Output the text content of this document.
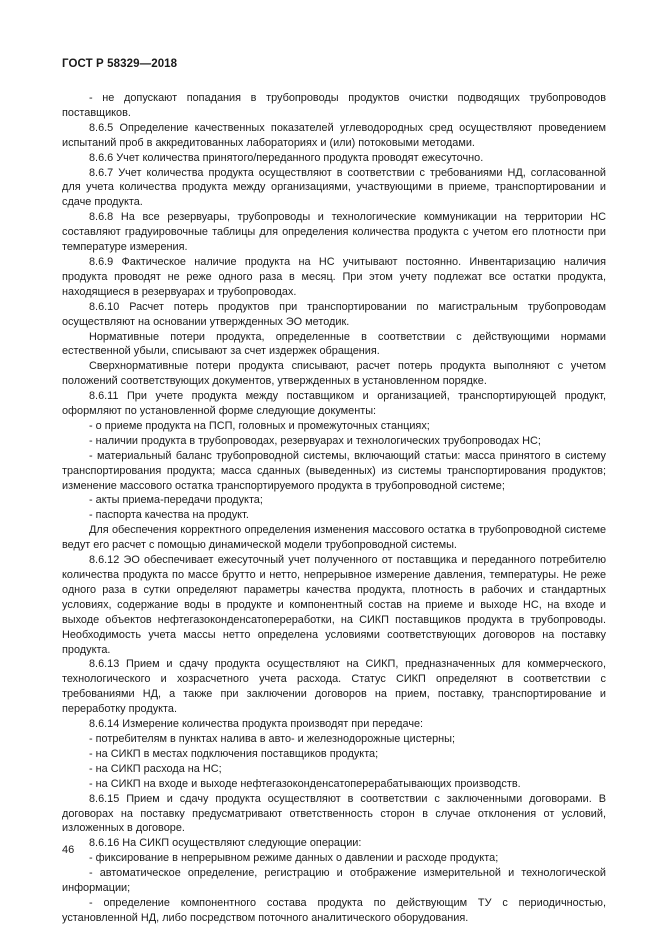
ГОСТ Р 58329—2018

- не допускают попадания в трубопроводы продуктов очистки подводящих трубопроводов поставщиков.

8.6.5 Определение качественных показателей углеводородных сред осуществляют проведением испытаний проб в аккредитованных лабораториях и (или) потоковыми методами.

8.6.6 Учет количества принятого/переданного продукта проводят ежесуточно.

8.6.7 Учет количества продукта осуществляют в соответствии с требованиями НД, согласованной для учета количества продукта между организациями, участвующими в приеме, транспортировании и сдаче продукта.

8.6.8 На все резервуары, трубопроводы и технологические коммуникации на территории НС составляют градуировочные таблицы для определения количества продукта с учетом его плотности при температуре измерения.

8.6.9 Фактическое наличие продукта на НС учитывают постоянно. Инвентаризацию наличия продукта проводят не реже одного раза в месяц. При этом учету подлежат все остатки продукта, находящиеся в резервуарах и трубопроводах.

8.6.10 Расчет потерь продуктов при транспортировании по магистральным трубопроводам осуществляют на основании утвержденных ЭО методик.

Нормативные потери продукта, определенные в соответствии с действующими нормами естественной убыли, списывают за счет издержек обращения.

Сверхнормативные потери продукта списывают, расчет потерь продукта выполняют с учетом положений соответствующих документов, утвержденных в установленном порядке.

8.6.11 При учете продукта между поставщиком и организацией, транспортирующей продукт, оформляют по установленной форме следующие документы:

- о приеме продукта на ПСП, головных и промежуточных станциях;

- наличии продукта в трубопроводах, резервуарах и технологических трубопроводах НС;

- материальный баланс трубопроводной системы, включающий статьи: масса принятого в систему транспортирования продукта; масса сданных (выведенных) из системы транспортирования продуктов; изменение массового остатка транспортируемого продукта в трубопроводной системе;

- акты приема-передачи продукта;

- паспорта качества на продукт.

Для обеспечения корректного определения изменения массового остатка в трубопроводной системе ведут его расчет с помощью динамической модели трубопроводной системы.

8.6.12 ЭО обеспечивает ежесуточный учет полученного от поставщика и переданного потребителю количества продукта по массе брутто и нетто, непрерывное измерение давления, температуры. Не реже одного раза в сутки определяют параметры качества продукта, плотность в рабочих и стандартных условиях, содержание воды в продукте и компонентный состав на приеме и выходе НС, на входе и выходе объектов нефтегазоконденсатопереработки, на СИКП поставщиков продукта в трубопроводы. Необходимость учета массы нетто определена условиями соответствующих договоров на поставку продукта.

8.6.13 Прием и сдачу продукта осуществляют на СИКП, предназначенных для коммерческого, технологического и хозрасчетного учета расхода. Статус СИКП определяют в соответствии с требованиями НД, а также при заключении договоров на прием, поставку, транспортирование и переработку продукта.

8.6.14 Измерение количества продукта производят при передаче:

- потребителям в пунктах налива в авто- и железнодорожные цистерны;

- на СИКП в местах подключения поставщиков продукта;

- на СИКП расхода на НС;

- на СИКП на входе и выходе нефтегазоконденсатоперерабатывающих производств.

8.6.15 Прием и сдачу продукта осуществляют в соответствии с заключенными договорами. В договорах на поставку предусматривают ответственность сторон в случае отклонения от условий, изложенных в договоре.

8.6.16 На СИКП осуществляют следующие операции:

- фиксирование в непрерывном режиме данных о давлении и расходе продукта;

- автоматическое определение, регистрацию и отображение измерительной и технологической информации;

- определение компонентного состава продукта по действующим ТУ с периодичностью, установленной НД, либо посредством поточного аналитического оборудования.

46
